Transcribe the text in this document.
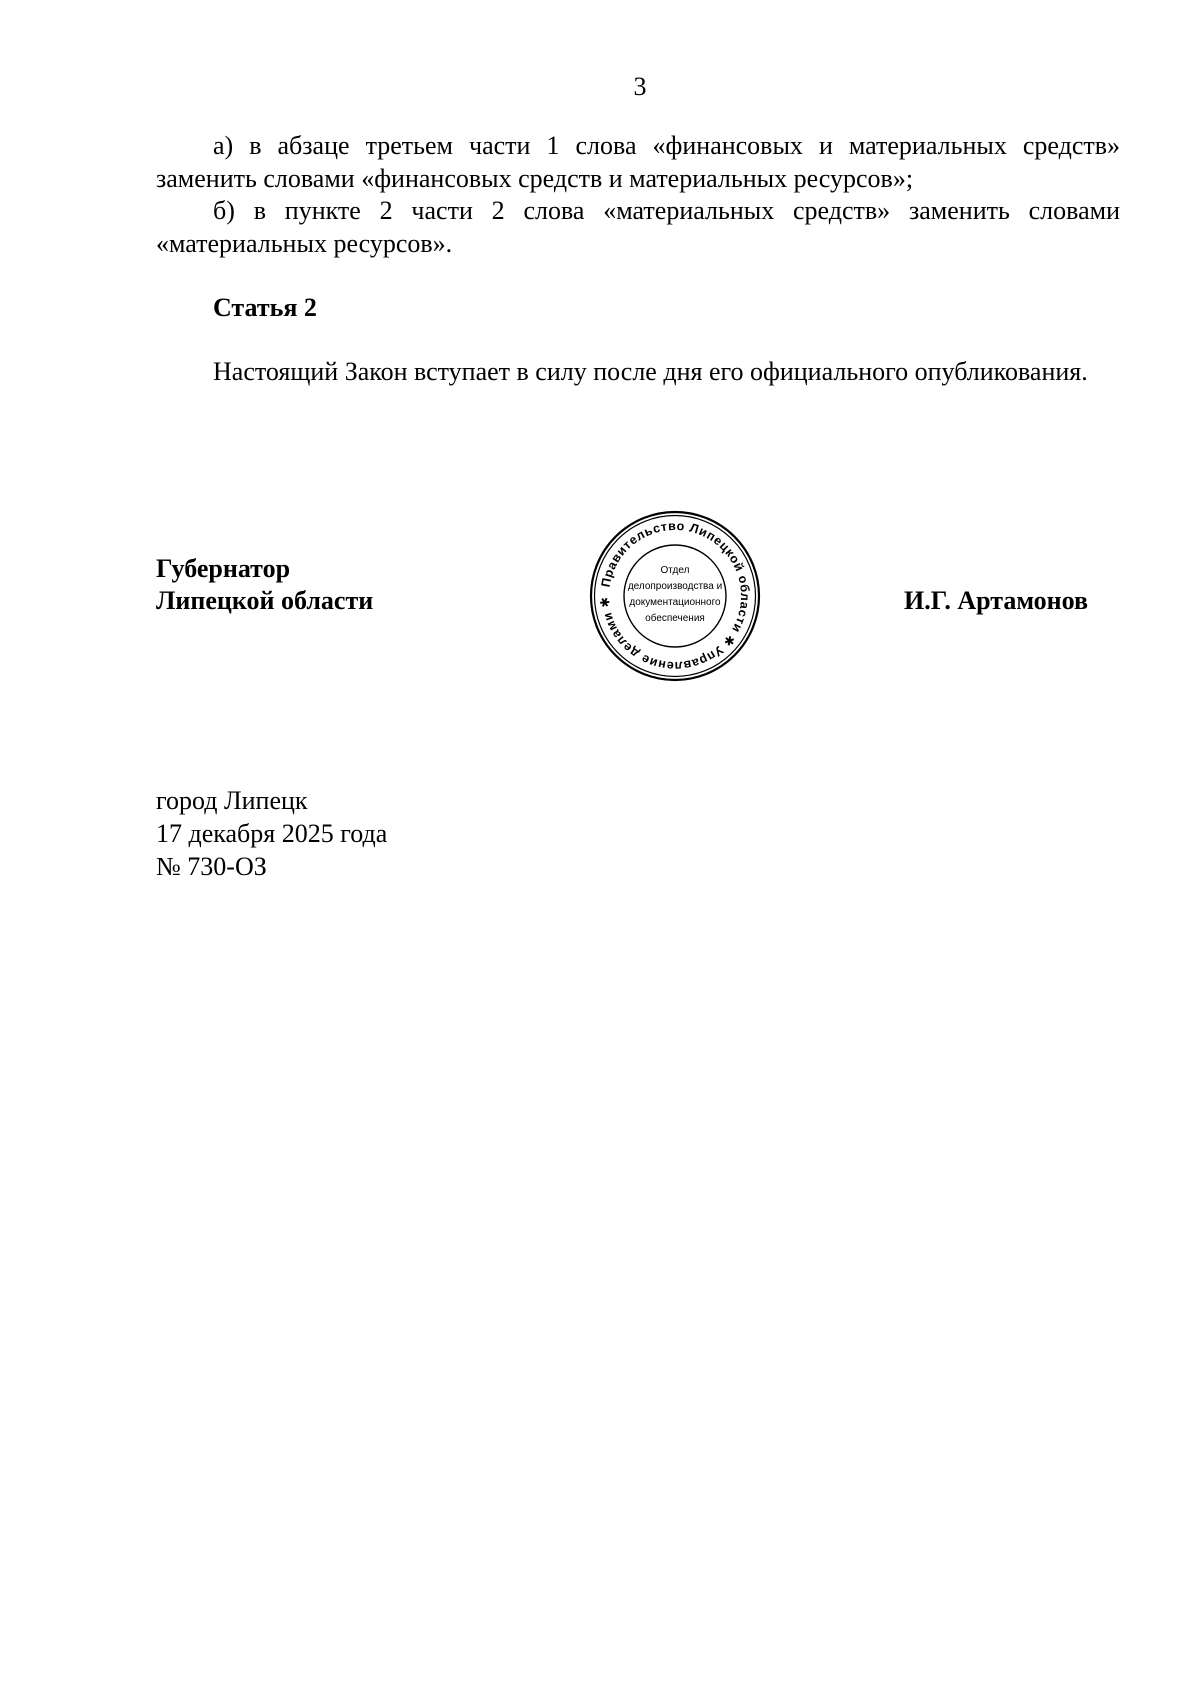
3

а) в абзаце третьем части 1 слова «финансовых и материальных средств» заменить словами «финансовых средств и материальных ресурсов»;

б) в пункте 2 части 2 слова «материальных средств» заменить словами «материальных ресурсов».

Статья 2

Настоящий Закон вступает в силу после дня его официального опубликования.

Губернатор
Липецкой области
Правительство Липецкой области ✱ Управление делами ✱
Отдел
делопроизводства и
документационного
обеспечения
И.Г. Артамонов
город Липецк
17 декабря 2025 года
№ 730-ОЗ
